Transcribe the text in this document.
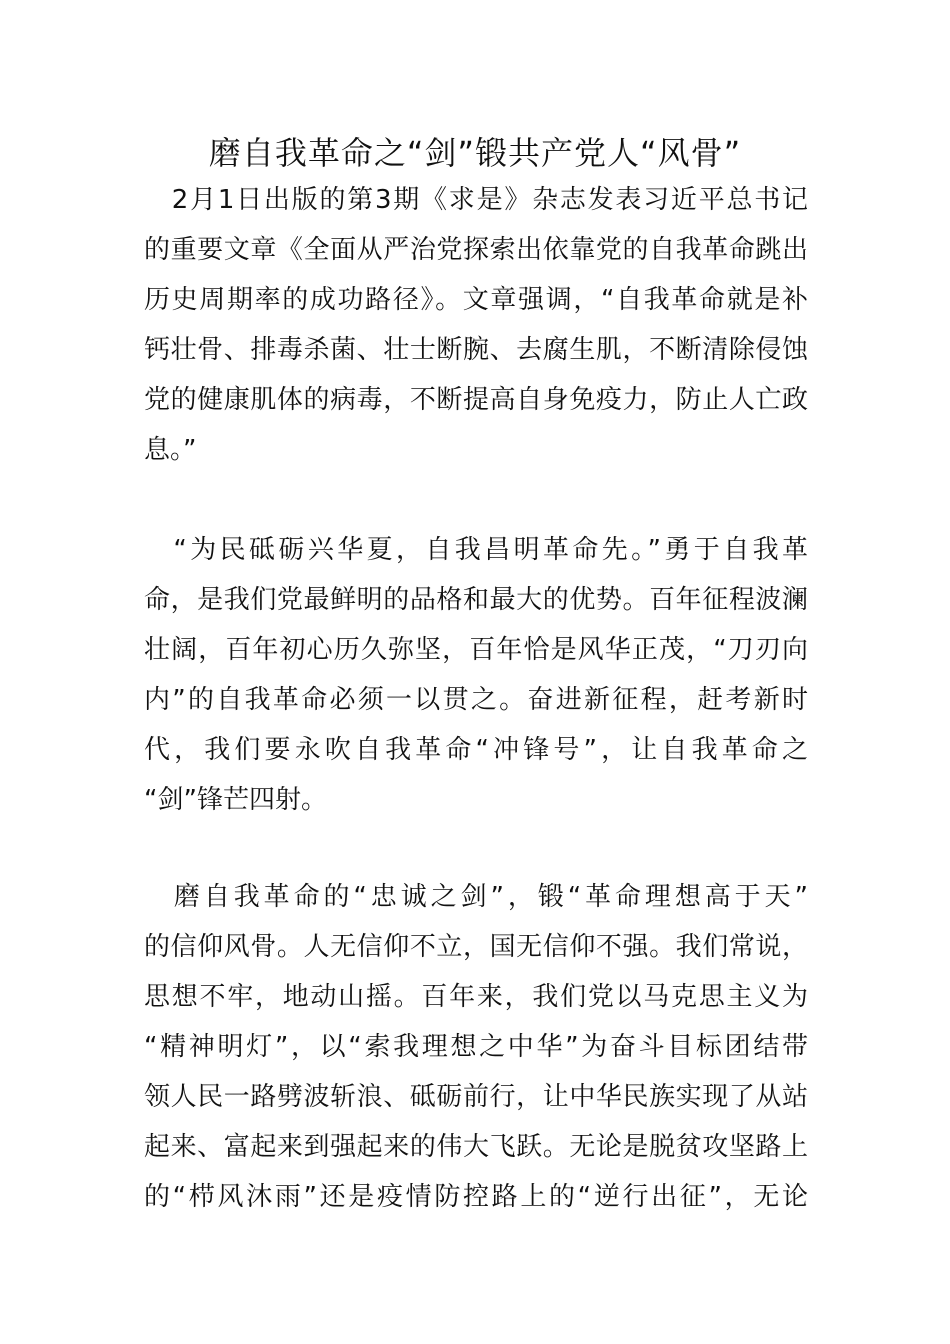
磨自我革命之“剑”锻共产党人“风骨”
　2月1日出版的第3期《求是》杂志发表习近平总书记
的重要文章《全面从严治党探索出依靠党的自我革命跳出
历史周期率的成功路径》。文章强调，“自我革命就是补
钙壮骨、排毒杀菌、壮士断腕、去腐生肌，不断清除侵蚀
党的健康肌体的病毒，不断提高自身免疫力，防止人亡政
息。”
　“为民砥砺兴华夏，自我昌明革命先。”勇于自我革
命，是我们党最鲜明的品格和最大的优势。百年征程波澜
壮阔，百年初心历久弥坚，百年恰是风华正茂，“刀刃向
内”的自我革命必须一以贯之。奋进新征程，赶考新时
代，我们要永吹自我革命“冲锋号”，让自我革命之
“剑”锋芒四射。
　磨自我革命的“忠诚之剑”，锻“革命理想高于天”
的信仰风骨。人无信仰不立，国无信仰不强。我们常说，
思想不牢，地动山摇。百年来，我们党以马克思主义为
“精神明灯”，以“索我理想之中华”为奋斗目标团结带
领人民一路劈波斩浪、砥砺前行，让中华民族实现了从站
起来、富起来到强起来的伟大飞跃。无论是脱贫攻坚路上
的“栉风沐雨”还是疫情防控路上的“逆行出征”，无论
